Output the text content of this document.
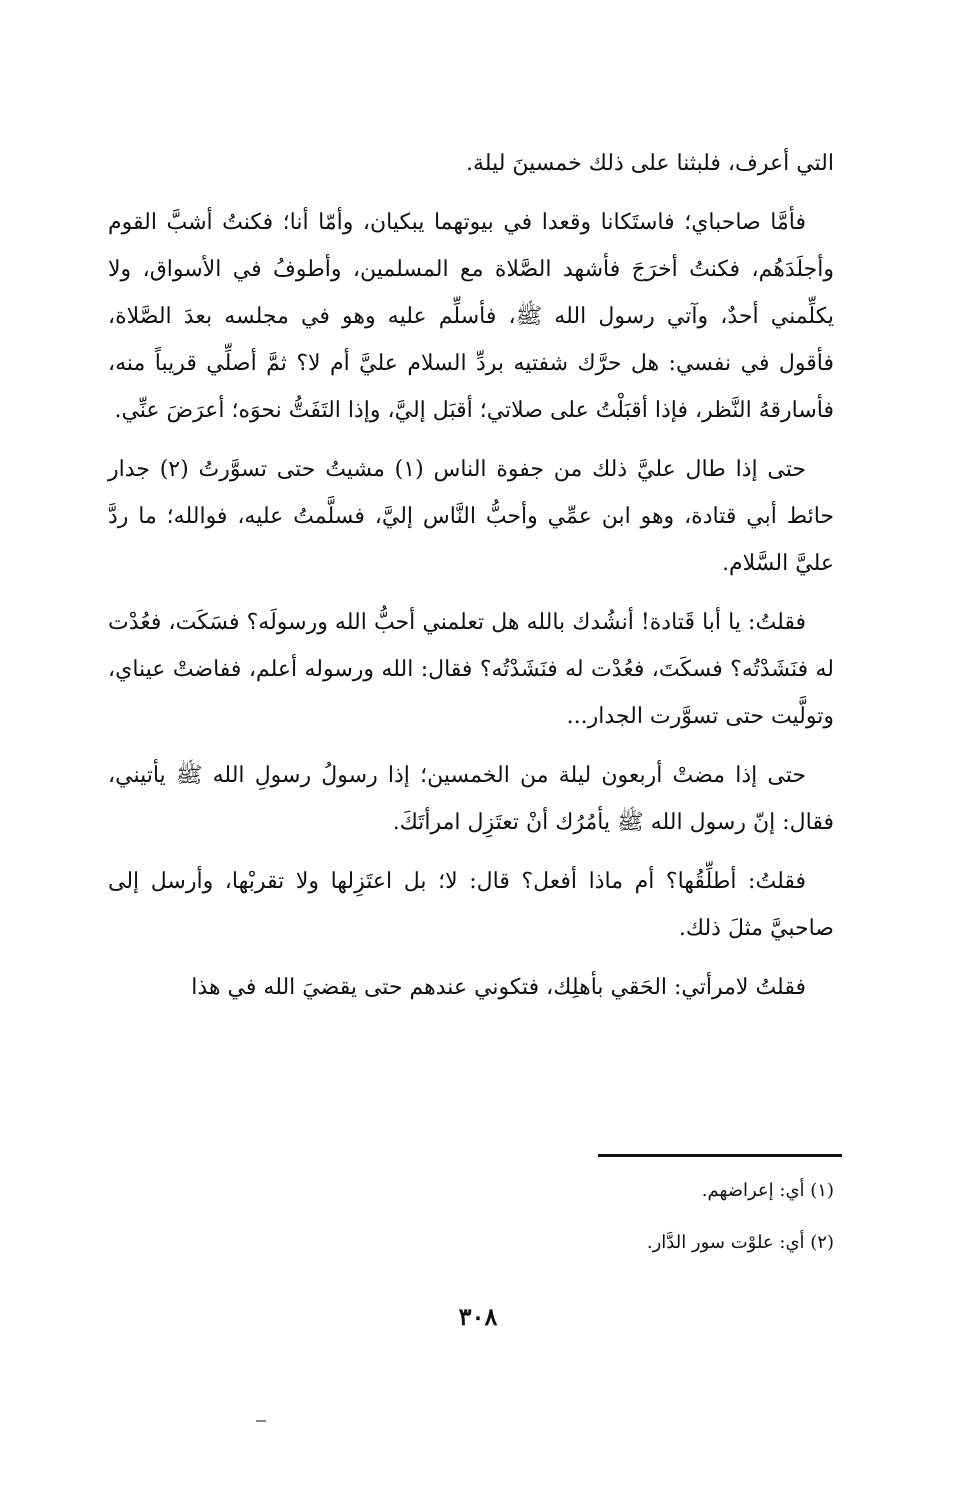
التي أعرف، فلبثنا على ذلك خمسينَ ليلة.

فأمَّا صاحباي؛ فاستَكانا وقعدا في بيوتهما يبكيان، وأمّا أنا؛ فكنتُ أشبَّ القوم وأجلَدَهُم، فكنتُ أخرَجَ فأشهد الصَّلاة مع المسلمين، وأطوفُ في الأسواق، ولا يكلِّمني أحدٌ، وآتي رسول الله ﷺ، فأسلِّم عليه وهو في مجلسه بعدَ الصَّلاة، فأقول في نفسي: هل حرَّك شفتيه بردِّ السلام عليَّ أم لا؟ ثمَّ أصلِّي قريباً منه، فأسارقهُ النَّظر، فإذا أقبَلْتُ على صلاتي؛ أقبَل إليَّ، وإذا التَفَتُّ نحوَه؛ أعرَضَ عنِّي.

حتى إذا طال عليَّ ذلك من جفوة الناس (١) مشيتُ حتى تسوَّرتُ (٢) جدار حائط أبي قتادة، وهو ابن عمِّي وأحبُّ النَّاس إليَّ، فسلَّمتُ عليه، فوالله؛ ما ردَّ عليَّ السَّلام.

فقلتُ: يا أبا قَتادة! أنشُدك بالله هل تعلمني أحبُّ الله ورسولَه؟ فسَكَت، فعُدْت له فنَشَدْتُه؟ فسكَتَ، فعُدْت له فنَشَدْتُه؟ فقال: الله ورسوله أعلم، ففاضتْ عيناي، وتولَّيت حتى تسوَّرت الجدار...

حتى إذا مضتْ أربعون ليلة من الخمسين؛ إذا رسولُ رسولِ الله ﷺ يأتيني، فقال: إنّ رسول الله ﷺ يأمُرُك أنْ تعتَزِل امرأتَكَ.

فقلتُ: أطلِّقُها؟ أم ماذا أفعل؟ قال: لا؛ بل اعتَزِلها ولا تقربْها، وأرسل إلى صاحبيَّ مثلَ ذلك.

فقلتُ لامرأتي: الحَقي بأهلِك، فتكوني عندهم حتى يقضيَ الله في هذا

(١) أي: إعراضهم.

(٢) أي: علوْت سور الدَّار.

٣٠٨
